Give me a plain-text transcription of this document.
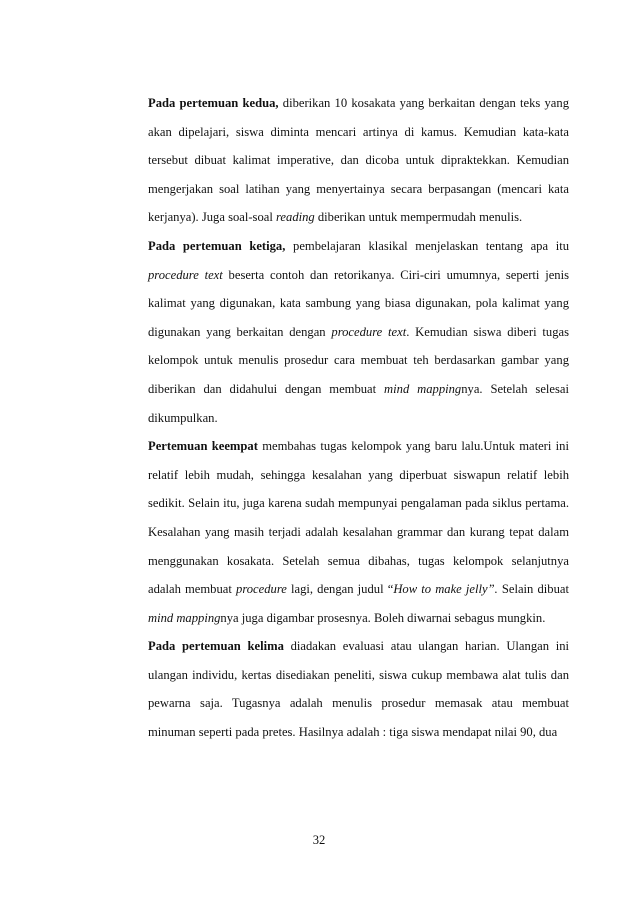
Pada pertemuan kedua, diberikan 10 kosakata yang berkaitan dengan teks yang akan dipelajari, siswa diminta mencari artinya di kamus. Kemudian kata-kata tersebut dibuat kalimat imperative, dan dicoba untuk dipraktekkan. Kemudian mengerjakan soal latihan yang menyertainya secara berpasangan (mencari kata kerjanya). Juga soal-soal reading diberikan untuk mempermudah menulis.

Pada pertemuan ketiga, pembelajaran klasikal menjelaskan tentang apa itu procedure text beserta contoh dan retorikanya. Ciri-ciri umumnya, seperti jenis kalimat yang digunakan, kata sambung yang biasa digunakan, pola kalimat yang digunakan yang berkaitan dengan procedure text. Kemudian siswa diberi tugas kelompok untuk menulis prosedur cara membuat teh berdasarkan gambar yang diberikan dan didahului dengan membuat mind mappingnya. Setelah selesai dikumpulkan.

Pertemuan keempat membahas tugas kelompok yang baru lalu.Untuk materi ini relatif lebih mudah, sehingga kesalahan yang diperbuat siswapun relatif lebih sedikit. Selain itu, juga karena sudah mempunyai pengalaman pada siklus pertama. Kesalahan yang masih terjadi adalah kesalahan grammar dan kurang tepat dalam menggunakan kosakata. Setelah semua dibahas, tugas kelompok selanjutnya adalah membuat procedure lagi, dengan judul “How to make jelly”. Selain dibuat mind mappingnya juga digambar prosesnya. Boleh diwarnai sebagus mungkin.

Pada pertemuan kelima diadakan evaluasi atau ulangan harian. Ulangan ini ulangan individu, kertas disediakan peneliti, siswa cukup membawa alat tulis dan pewarna saja. Tugasnya adalah menulis prosedur memasak atau membuat minuman seperti pada pretes. Hasilnya adalah : tiga siswa mendapat nilai 90, dua

32
